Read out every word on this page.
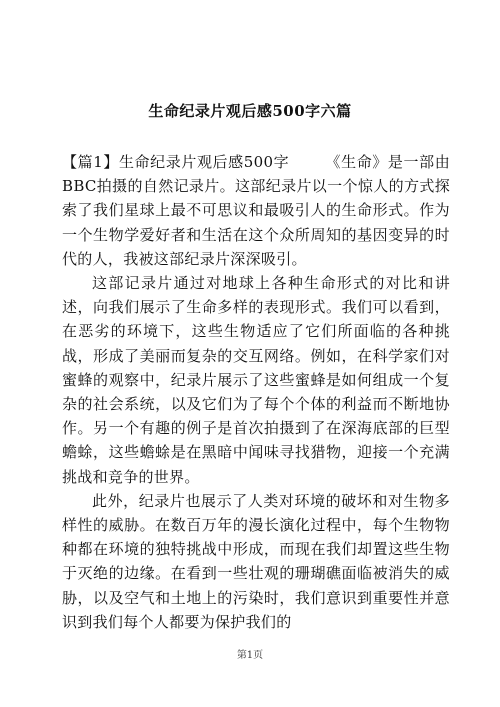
生命纪录片观后感500字六篇

【篇1】生命纪录片观后感500字 《生命》是一部由BBC拍摄的自然记录片。这部纪录片以一个惊人的方式探索了我们星球上最不可思议和最吸引人的生命形式。作为一个生物学爱好者和生活在这个众所周知的基因变异的时代的人，我被这部纪录片深深吸引。

这部记录片通过对地球上各种生命形式的对比和讲述，向我们展示了生命多样的表现形式。我们可以看到，在恶劣的环境下，这些生物适应了它们所面临的各种挑战，形成了美丽而复杂的交互网络。例如，在科学家们对蜜蜂的观察中，纪录片展示了这些蜜蜂是如何组成一个复杂的社会系统，以及它们为了每个个体的利益而不断地协作。另一个有趣的例子是首次拍摄到了在深海底部的巨型蟾蜍，这些蟾蜍是在黑暗中闻味寻找猎物，迎接一个充满挑战和竞争的世界。

此外，纪录片也展示了人类对环境的破坏和对生物多样性的威胁。在数百万年的漫长演化过程中，每个生物物种都在环境的独特挑战中形成，而现在我们却置这些生物于灭绝的边缘。在看到一些壮观的珊瑚礁面临被消失的威胁，以及空气和土地上的污染时，我们意识到重要性并意识到我们每个人都要为保护我们的

第1页
